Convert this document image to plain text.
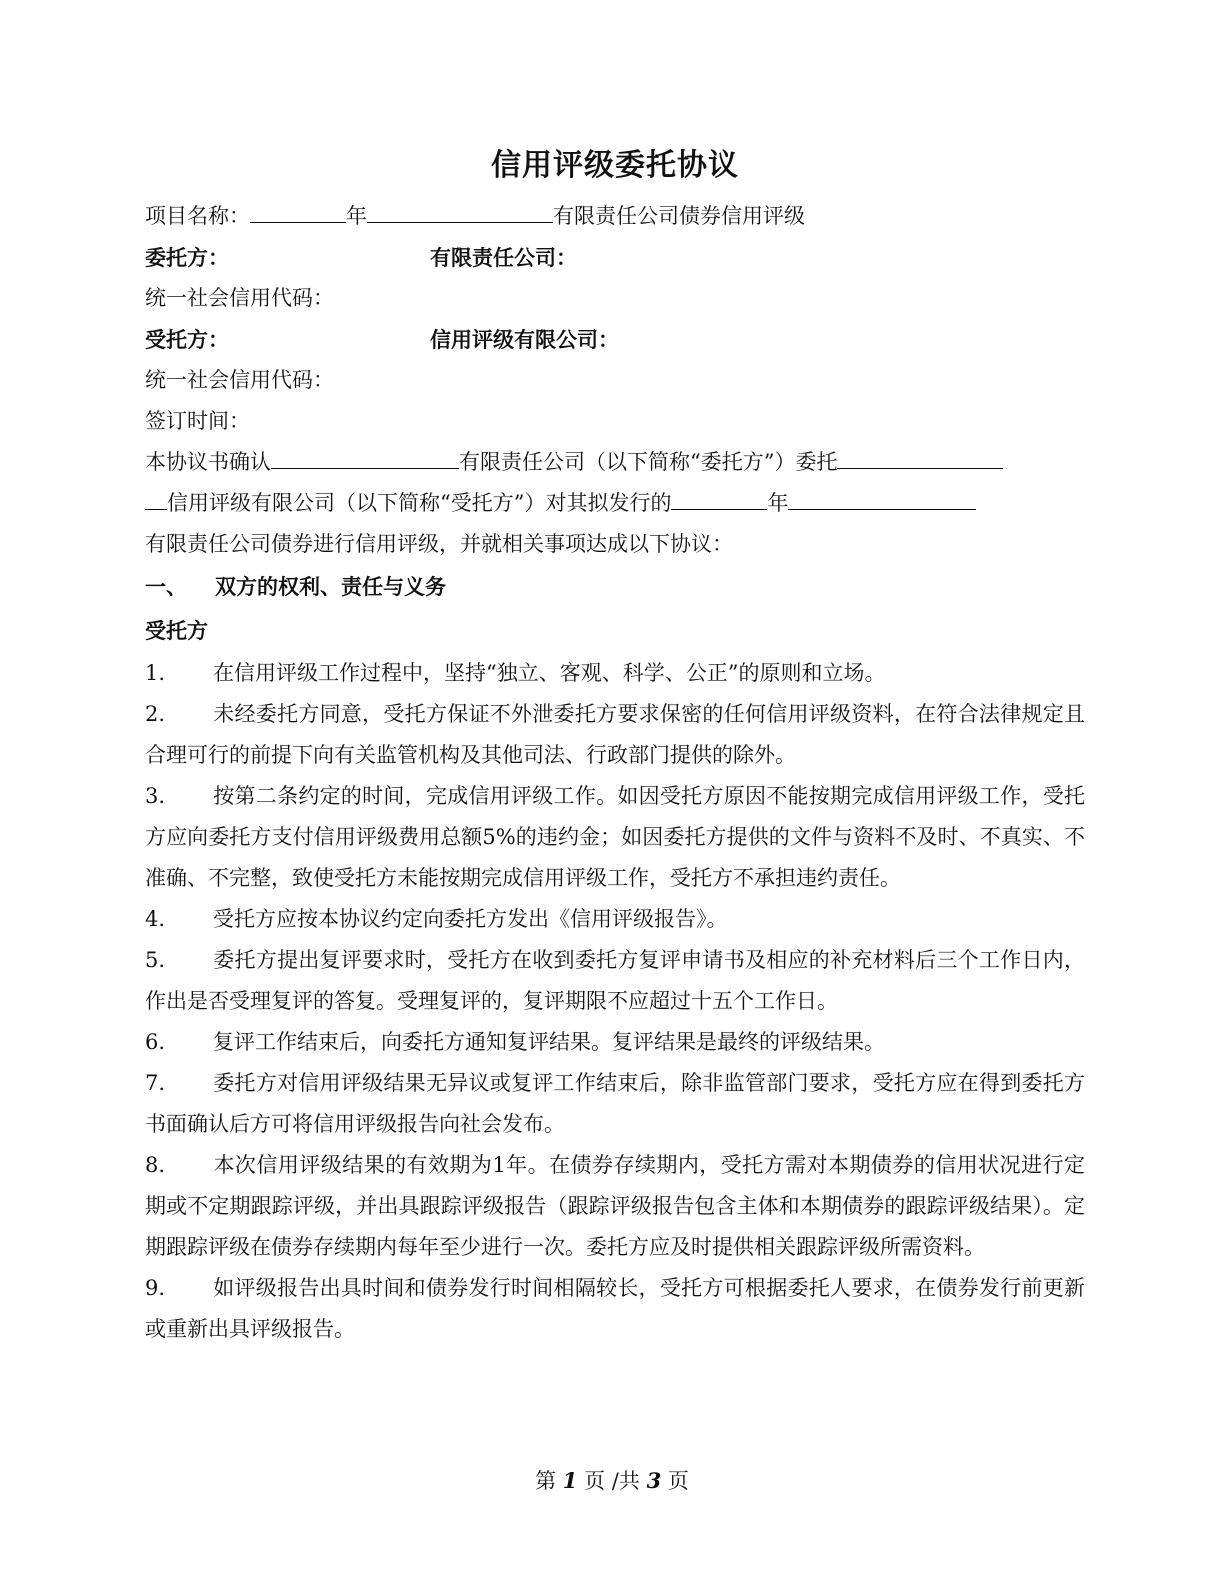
信用评级委托协议
项目名称：	年	有限责任公司债券信用评级
委托方：	有限责任公司：
统一社会信用代码：
受托方：	信用评级有限公司：
统一社会信用代码：
签订时间：
本协议书确认	有限责任公司（以下简称“委托方”）委托
信用评级有限公司（以下简称“受托方”）对其拟发行的	年
有限责任公司债券进行信用评级，并就相关事项达成以下协议：
一、 双方的权利、责任与义务
受托方

1. 在信用评级工作过程中，坚持“独立、客观、科学、公正”的原则和立场。

2. 未经委托方同意，受托方保证不外泄委托方要求保密的任何信用评级资料，在符合法律规定且合理可行的前提下向有关监管机构及其他司法、行政部门提供的除外。

3. 按第二条约定的时间，完成信用评级工作。如因受托方原因不能按期完成信用评级工作，受托方应向委托方支付信用评级费用总额5%的违约金；如因委托方提供的文件与资料不及时、不真实、不准确、不完整，致使受托方未能按期完成信用评级工作，受托方不承担违约责任。

4. 受托方应按本协议约定向委托方发出《信用评级报告》。

5. 委托方提出复评要求时，受托方在收到委托方复评申请书及相应的补充材料后三个工作日内，作出是否受理复评的答复。受理复评的，复评期限不应超过十五个工作日。

6. 复评工作结束后，向委托方通知复评结果。复评结果是最终的评级结果。

7. 委托方对信用评级结果无异议或复评工作结束后，除非监管部门要求，受托方应在得到委托方书面确认后方可将信用评级报告向社会发布。

8. 本次信用评级结果的有效期为1年。在债券存续期内，受托方需对本期债券的信用状况进行定期或不定期跟踪评级，并出具跟踪评级报告（跟踪评级报告包含主体和本期债券的跟踪评级结果）。定期跟踪评级在债券存续期内每年至少进行一次。委托方应及时提供相关跟踪评级所需资料。

9. 如评级报告出具时间和债券发行时间相隔较长，受托方可根据委托人要求，在债券发行前更新或重新出具评级报告。

第 1 页 /共 3 页
